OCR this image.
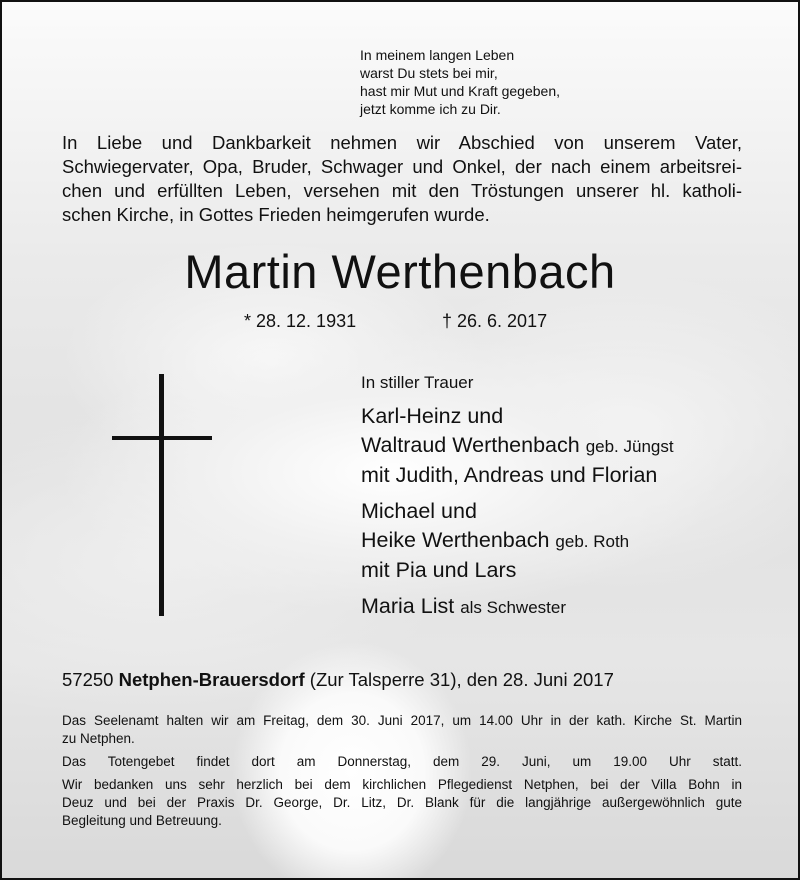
In meinem langen Leben
warst Du stets bei mir,
hast mir Mut und Kraft gegeben,
jetzt komme ich zu Dir.
In Liebe und Dankbarkeit nehmen wir Abschied von unserem Vater,
Schwiegervater, Opa, Bruder, Schwager und Onkel, der nach einem arbeitsrei-
chen und erfüllten Leben, versehen mit den Tröstungen unserer hl. katholi-
schen Kirche, in Gottes Frieden heimgerufen wurde.
Martin Werthenbach
* 28. 12. 1931	† 26. 6. 2017
In stiller Trauer
Karl-Heinz und
Waltraud Werthenbach geb. Jüngst
mit Judith, Andreas und Florian
Michael und
Heike Werthenbach geb. Roth
mit Pia und Lars
Maria List als Schwester
57250 Netphen-Brauersdorf (Zur Talsperre 31), den 28. Juni 2017

Das Seelenamt halten wir am Freitag, dem 30. Juni 2017, um 14.00 Uhr in der kath. Kirche St. Martin
zu Netphen.

Das Totengebet findet dort am Donnerstag, dem 29. Juni, um 19.00 Uhr statt.

Wir bedanken uns sehr herzlich bei dem kirchlichen Pflegedienst Netphen, bei der Villa Bohn in
Deuz und bei der Praxis Dr. George, Dr. Litz, Dr. Blank für die langjährige außergewöhnlich gute
Begleitung und Betreuung.
